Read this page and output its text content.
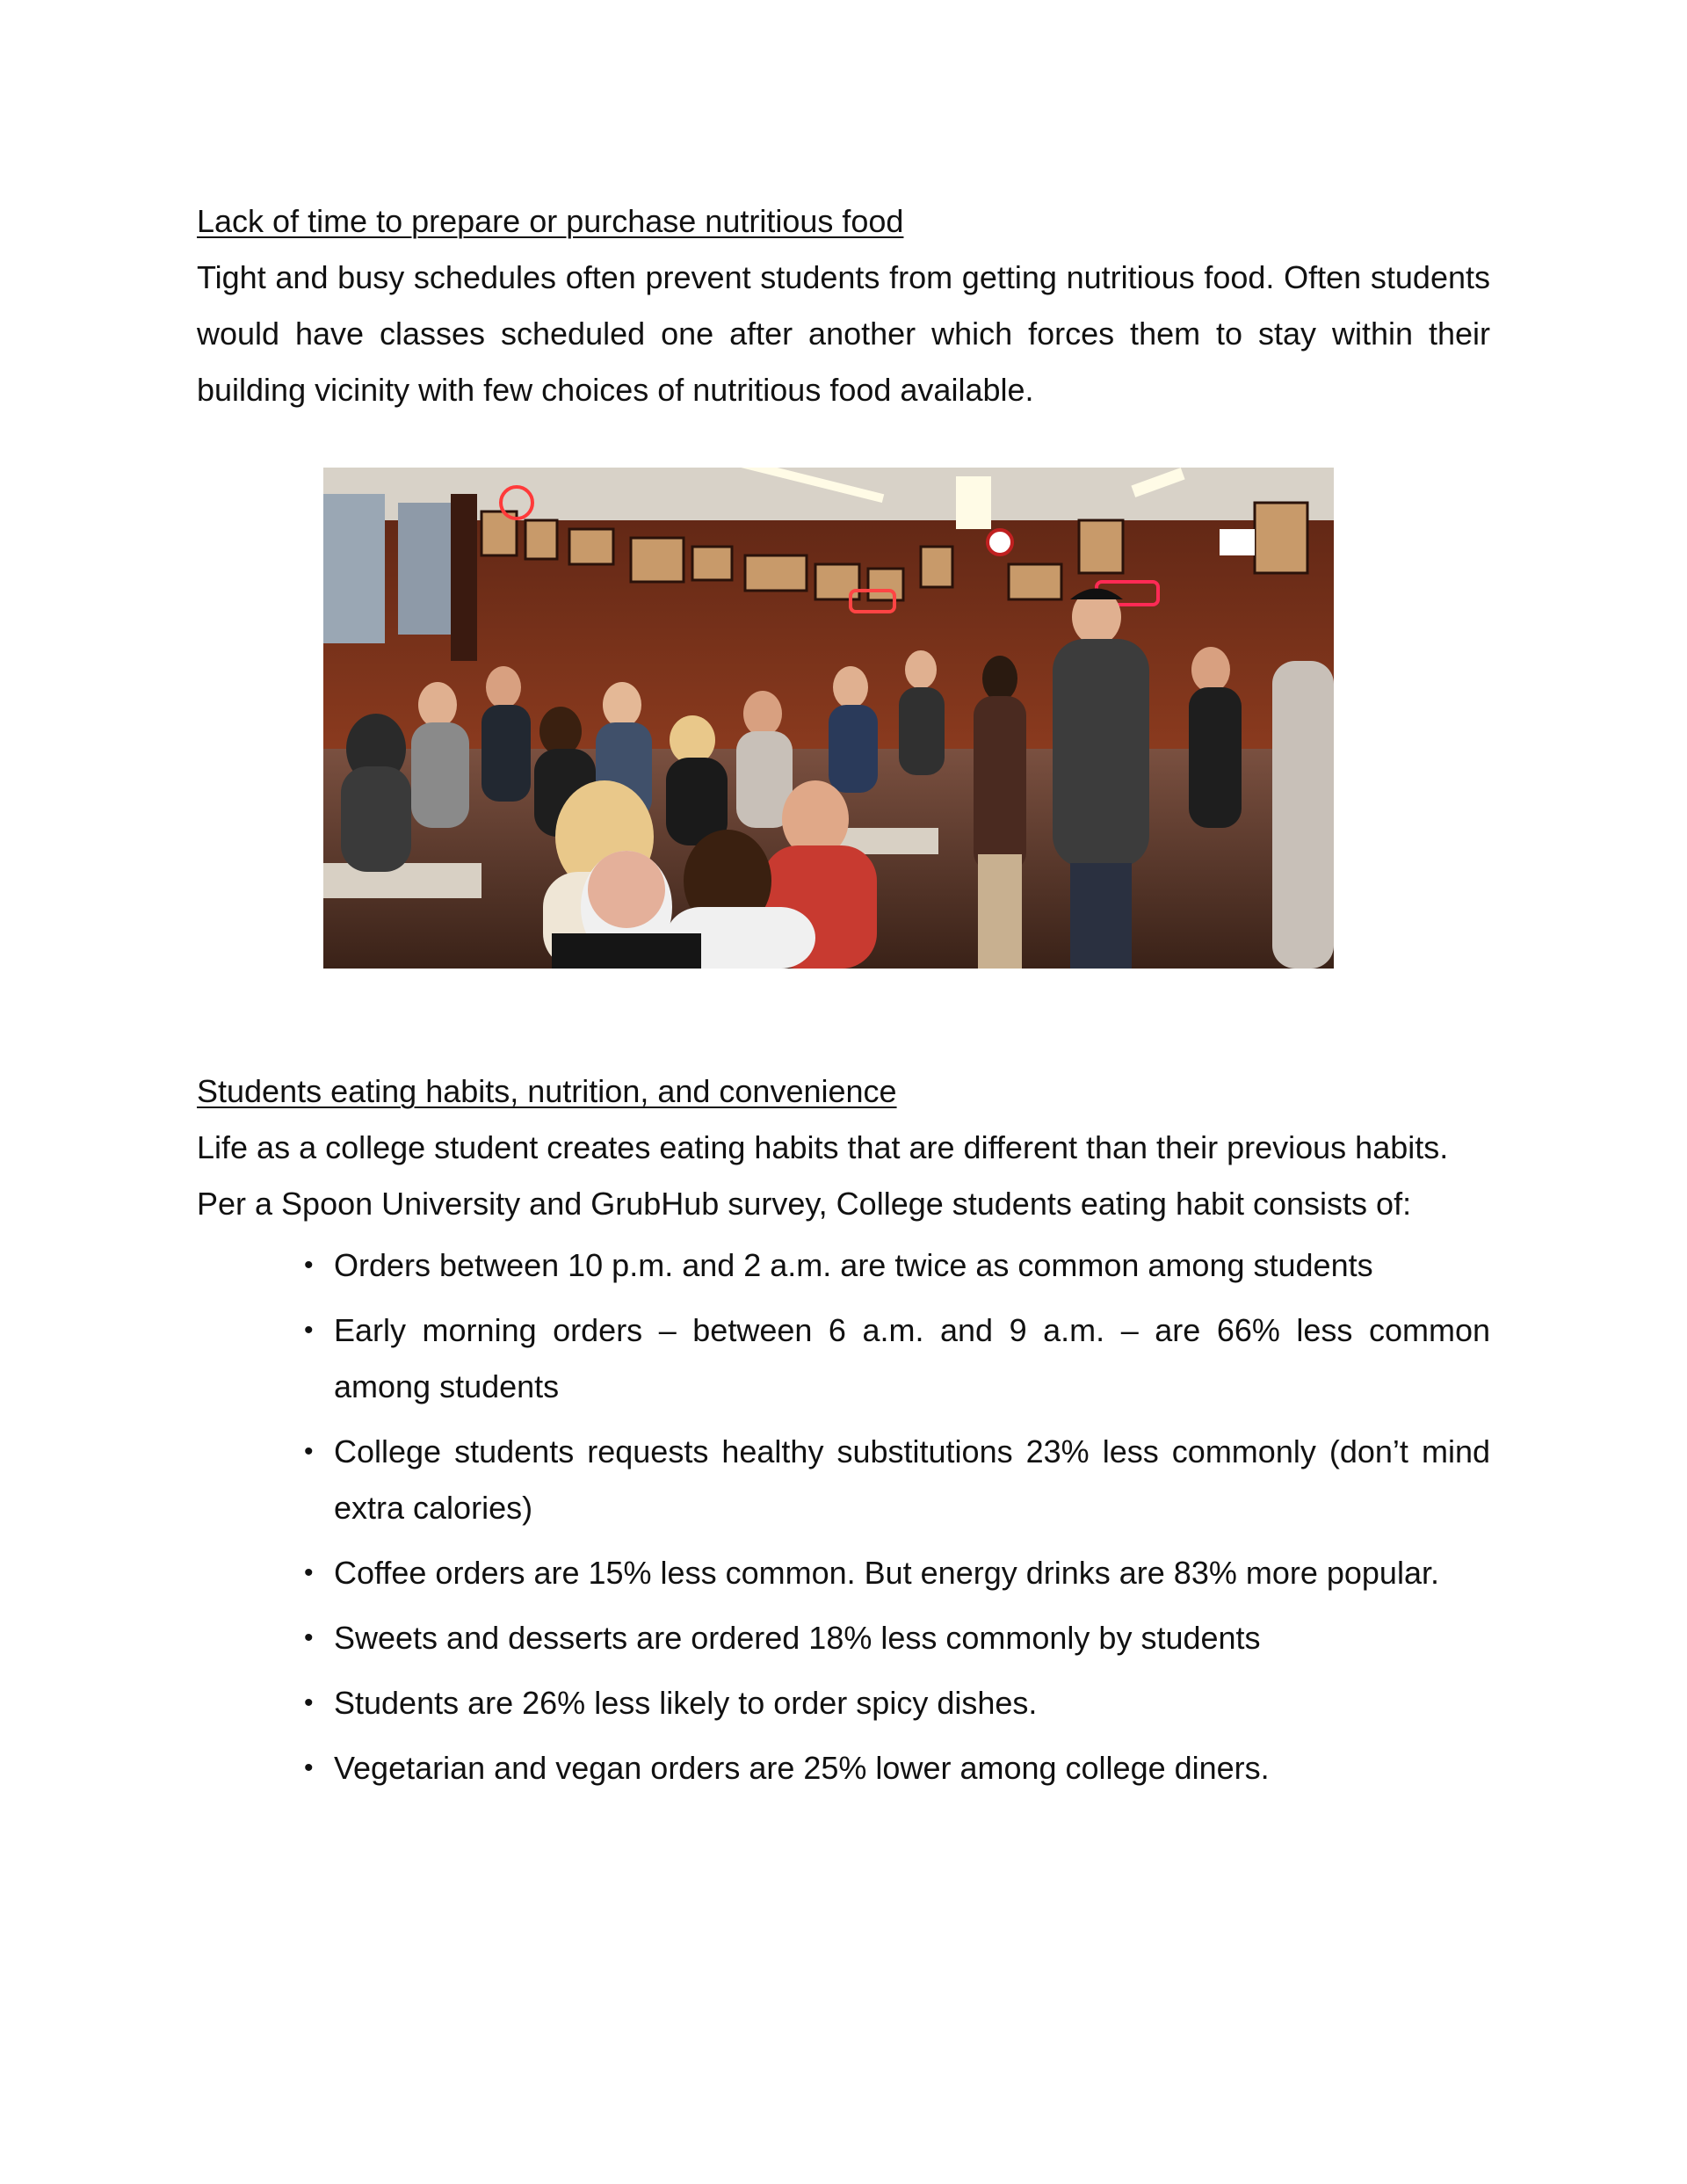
Lack of time to prepare or purchase nutritious food

Tight and busy schedules often prevent students from getting nutritious food. Often students would have classes scheduled one after another which forces them to stay within their building vicinity with few choices of nutritious food available.

Students eating habits, nutrition, and convenience

Life as a college student creates eating habits that are different than their previous habits.

Per a Spoon University and GrubHub survey, College students eating habit consists of:

• Orders between 10 p.m. and 2 a.m. are twice as common among students
• Early morning orders – between 6 a.m. and 9 a.m. – are 66% less common among students
• College students requests healthy substitutions 23% less commonly (don’t mind extra calories)
• Coffee orders are 15% less common. But energy drinks are 83% more popular.
• Sweets and desserts are ordered 18% less commonly by students
• Students are 26% less likely to order spicy dishes.
• Vegetarian and vegan orders are 25% lower among college diners.
